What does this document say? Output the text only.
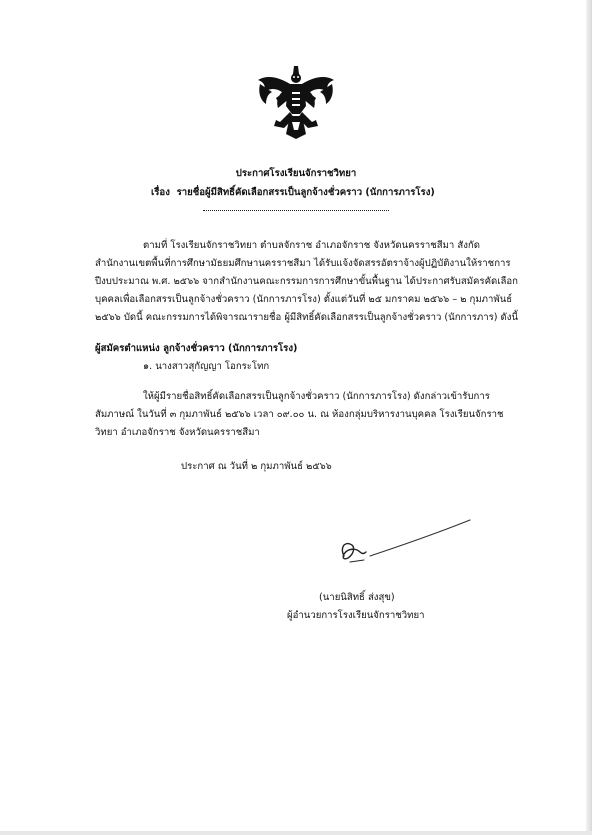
ประกาศโรงเรียนจักราชวิทยา
เรื่อง รายชื่อผู้มีสิทธิ์คัดเลือกสรรเป็นลูกจ้างชั่วคราว (นักการภารโรง)
ตามที่ โรงเรียนจักราชวิทยา ตำบลจักราช อำเภอจักราช จังหวัดนครราชสีมา สังกัด
สำนักงานเขตพื้นที่การศึกษามัธยมศึกษานครราชสีมา ได้รับแจ้งจัดสรรอัตราจ้างผู้ปฏิบัติงานให้ราชการ
ปีงบประมาณ พ.ศ. ๒๕๖๖ จากสำนักงานคณะกรรมการการศึกษาขั้นพื้นฐาน ได้ประกาศรับสมัครคัดเลือก
บุคคลเพื่อเลือกสรรเป็นลูกจ้างชั่วคราว (นักการภารโรง) ตั้งแต่วันที่ ๒๕ มกราคม ๒๕๖๖ – ๒ กุมภาพันธ์
๒๕๖๖ บัดนี้ คณะกรรมการได้พิจารณารายชื่อ ผู้มีสิทธิ์คัดเลือกสรรเป็นลูกจ้างชั่วคราว (นักการภาร) ดังนี้
ผู้สมัครตำแหน่ง ลูกจ้างชั่วคราว (นักการภารโรง)
๑. นางสาวสุกัญญา โอกระโทก
ให้ผู้มีรายชื่อสิทธิ์คัดเลือกสรรเป็นลูกจ้างชั่วคราว (นักการภารโรง) ดังกล่าวเข้ารับการ
สัมภาษณ์ ในวันที่ ๓ กุมภาพันธ์ ๒๕๖๖ เวลา ๐๙.๐๐ น. ณ ห้องกลุ่มบริหารงานบุคคล โรงเรียนจักราช
วิทยา อำเภอจักราช จังหวัดนครราชสีมา
ประกาศ ณ วันที่ ๒ กุมภาพันธ์ ๒๕๖๖
(นายนิสิทธิ์ ส่งสุข)
ผู้อำนวยการโรงเรียนจักราชวิทยา
